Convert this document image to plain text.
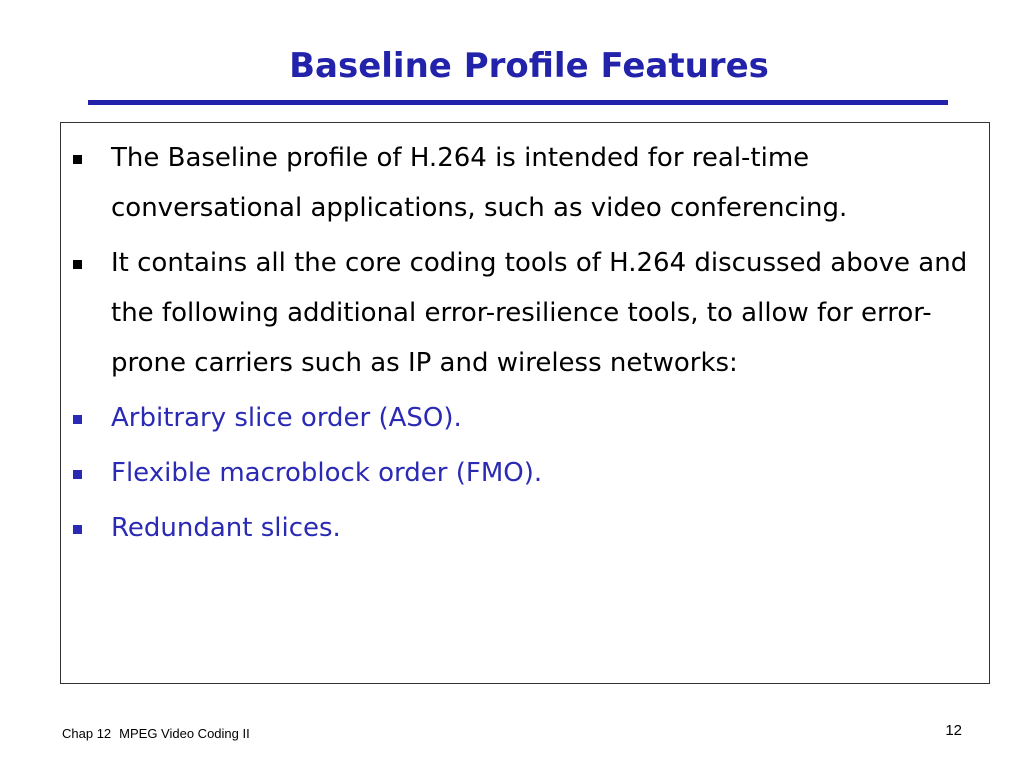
Baseline Profile Features
The Baseline profile of H.264 is intended for real-time conversational applications, such as video conferencing.
It contains all the core coding tools of H.264 discussed above and the following additional error-resilience tools, to allow for error-prone carriers such as IP and wireless networks:
Arbitrary slice order (ASO).
Flexible macroblock order (FMO).
Redundant slices.
Chap 12 MPEG Video Coding II	12
